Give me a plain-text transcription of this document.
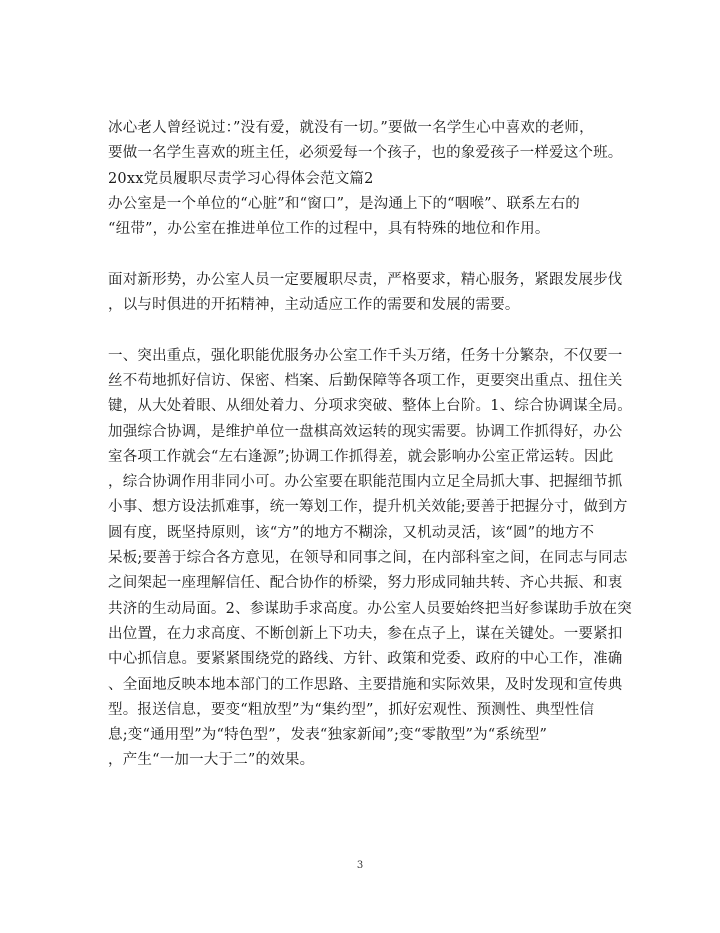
冰心老人曾经说过：”没有爱，就没有一切。”要做一名学生心中喜欢的老师，
要做一名学生喜欢的班主任，必须爱每一个孩子，也的象爱孩子一样爱这个班。
20xx党员履职尽责学习心得体会范文篇2
办公室是一个单位的“心脏”和“窗口”，是沟通上下的“咽喉”、联系左右的
“纽带”，办公室在推进单位工作的过程中，具有特殊的地位和作用。
面对新形势，办公室人员一定要履职尽责，严格要求，精心服务，紧跟发展步伐
，以与时俱进的开拓精神，主动适应工作的需要和发展的需要。
一、突出重点，强化职能优服务办公室工作千头万绪，任务十分繁杂，不仅要一
丝不苟地抓好信访、保密、档案、后勤保障等各项工作，更要突出重点、扭住关
键，从大处着眼、从细处着力、分项求突破、整体上台阶。1、综合协调谋全局。
加强综合协调，是维护单位一盘棋高效运转的现实需要。协调工作抓得好，办公
室各项工作就会“左右逢源”;协调工作抓得差，就会影响办公室正常运转。因此
，综合协调作用非同小可。办公室要在职能范围内立足全局抓大事、把握细节抓
小事、想方设法抓难事，统一筹划工作，提升机关效能;要善于把握分寸，做到方
圆有度，既坚持原则，该“方”的地方不糊涂，又机动灵活，该“圆”的地方不
呆板;要善于综合各方意见，在领导和同事之间，在内部科室之间，在同志与同志
之间架起一座理解信任、配合协作的桥梁，努力形成同轴共转、齐心共振、和衷
共济的生动局面。2、参谋助手求高度。办公室人员要始终把当好参谋助手放在突
出位置，在力求高度、不断创新上下功夫，参在点子上，谋在关键处。一要紧扣
中心抓信息。要紧紧围绕党的路线、方针、政策和党委、政府的中心工作，准确
、全面地反映本地本部门的工作思路、主要措施和实际效果，及时发现和宣传典
型。报送信息，要变“粗放型”为“集约型”，抓好宏观性、预测性、典型性信
息;变“通用型”为“特色型”，发表“独家新闻”;变“零散型”为“系统型”
，产生“一加一大于二”的效果。
3
